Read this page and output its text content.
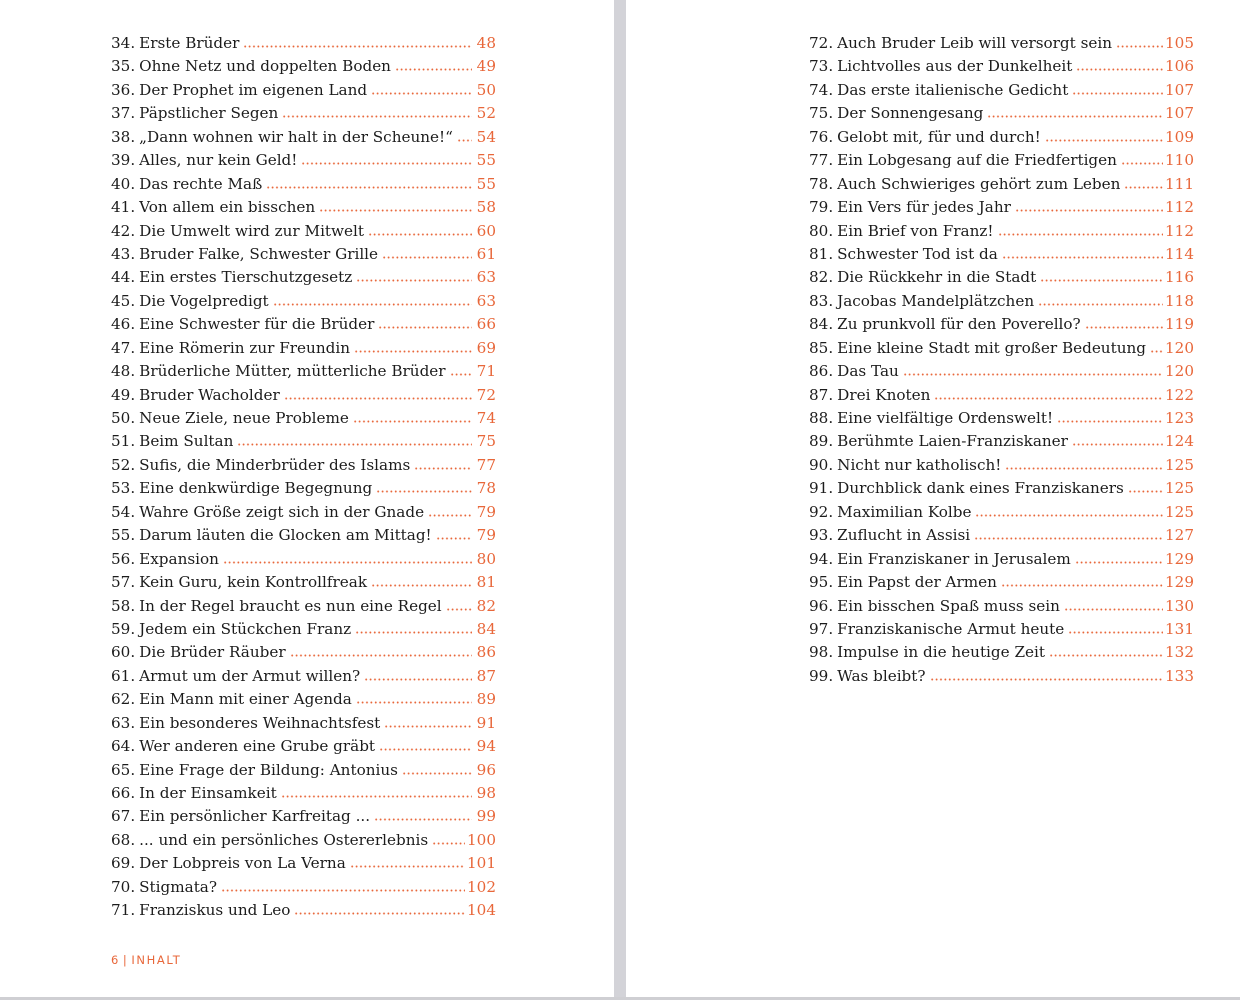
34. Erste Brüder	48
35. Ohne Netz und doppelten Boden	49
36. Der Prophet im eigenen Land	50
37. Päpstlicher Segen	52
38. „Dann wohnen wir halt in der Scheune!“ 54
39. Alles, nur kein Geld!	55
40. Das rechte Maß	55
41. Von allem ein bisschen	58
42. Die Umwelt wird zur Mitwelt	60
43. Bruder Falke, Schwester Grille	61
44. Ein erstes Tierschutzgesetz	63
45. Die Vogelpredigt	63
46. Eine Schwester für die Brüder	66
47. Eine Römerin zur Freundin	69
48. Brüderliche Mütter, mütterliche Brüder 71
49. Bruder Wacholder	72
50. Neue Ziele, neue Probleme	74
51. Beim Sultan	75
52. Sufis, die Minderbrüder des Islams	77
53. Eine denkwürdige Begegnung	78
54. Wahre Größe zeigt sich in der Gnade	79
55. Darum läuten die Glocken am Mittag!	79
56. Expansion	80
57. Kein Guru, kein Kontrollfreak	81
58. In der Regel braucht es nun eine Regel 82
59. Jedem ein Stückchen Franz	84
60. Die Brüder Räuber	86
61. Armut um der Armut willen?	87
62. Ein Mann mit einer Agenda	89
63. Ein besonderes Weihnachtsfest	91
64. Wer anderen eine Grube gräbt	94
65. Eine Frage der Bildung: Antonius	96
66. In der Einsamkeit	98
67. Ein persönlicher Karfreitag ...	99
68. ... und ein persönliches Ostererlebnis	100
69. Der Lobpreis von La Verna	101
70. Stigmata?	102
71. Franziskus und Leo	104
6 | INHALT
72. Auch Bruder Leib will versorgt sein	105
73. Lichtvolles aus der Dunkelheit	106
74. Das erste italienische Gedicht	107
75. Der Sonnengesang	107
76. Gelobt mit, für und durch!	109
77. Ein Lobgesang auf die Friedfertigen	110
78. Auch Schwieriges gehört zum Leben	111
79. Ein Vers für jedes Jahr	112
80. Ein Brief von Franz!	112
81. Schwester Tod ist da	114
82. Die Rückkehr in die Stadt	116
83. Jacobas Mandelplätzchen	118
84. Zu prunkvoll für den Poverello?	119
85. Eine kleine Stadt mit großer Bedeutung 120
86. Das Tau	120
87. Drei Knoten	122
88. Eine vielfältige Ordenswelt!	123
89. Berühmte Laien-Franziskaner	124
90. Nicht nur katholisch!	125
91. Durchblick dank eines Franziskaners	125
92. Maximilian Kolbe	125
93. Zuflucht in Assisi	127
94. Ein Franziskaner in Jerusalem	129
95. Ein Papst der Armen	129
96. Ein bisschen Spaß muss sein	130
97. Franziskanische Armut heute	131
98. Impulse in die heutige Zeit	132
99. Was bleibt?	133
